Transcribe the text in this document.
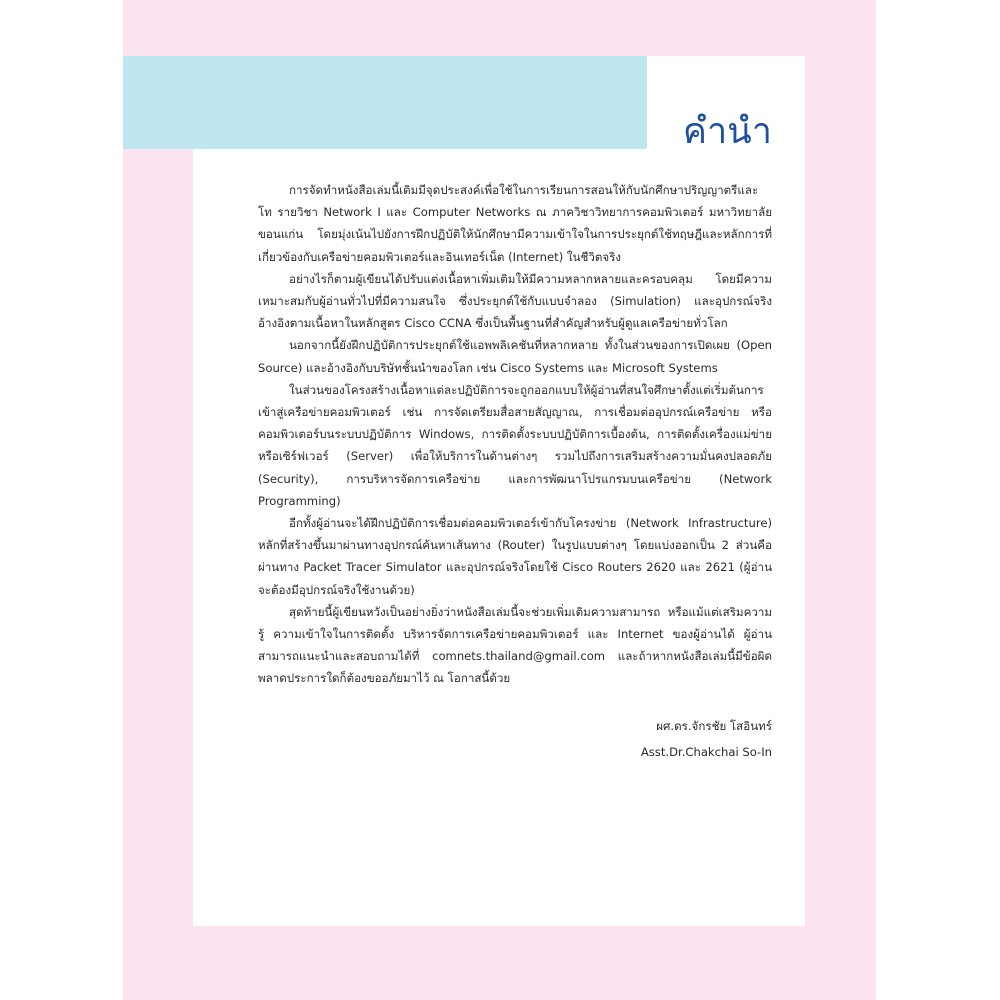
คำนำ

การจัดทำหนังสือเล่มนี้เดิมมีจุดประสงค์เพื่อใช้ในการเรียนการสอนให้กับนักศึกษาปริญญาตรีและโท รายวิชา Network I และ Computer Networks ณ ภาควิชาวิทยาการคอมพิวเตอร์ มหาวิทยาลัยขอนแก่น โดยมุ่งเน้นไปยังการฝึกปฏิบัติให้นักศึกษามีความเข้าใจในการประยุกต์ใช้ทฤษฎีและหลักการที่เกี่ยวข้องกับเครือข่ายคอมพิวเตอร์และอินเทอร์เน็ต (Internet) ในชีวิตจริง

อย่างไรก็ตามผู้เขียนได้ปรับแต่งเนื้อหาเพิ่มเติมให้มีความหลากหลายและครอบคลุม โดยมีความเหมาะสมกับผู้อ่านทั่วไปที่มีความสนใจ ซึ่งประยุกต์ใช้กับแบบจำลอง (Simulation) และอุปกรณ์จริง อ้างอิงตามเนื้อหาในหลักสูตร Cisco CCNA ซึ่งเป็นพื้นฐานที่สำคัญสำหรับผู้ดูแลเครือข่ายทั่วโลก

นอกจากนี้ยังฝึกปฏิบัติการประยุกต์ใช้แอพพลิเคชันที่หลากหลาย ทั้งในส่วนของการเปิดเผย (Open Source) และอ้างอิงกับบริษัทชั้นนำของโลก เช่น Cisco Systems และ Microsoft Systems

ในส่วนของโครงสร้างเนื้อหาแต่ละปฏิบัติการจะถูกออกแบบให้ผู้อ่านที่สนใจศึกษาตั้งแต่เริ่มต้นการเข้าสู่เครือข่ายคอมพิวเตอร์ เช่น การจัดเตรียมสื่อสายสัญญาณ, การเชื่อมต่ออุปกรณ์เครือข่าย หรือคอมพิวเตอร์บนระบบปฏิบัติการ Windows, การติดตั้งระบบปฏิบัติการเบื้องต้น, การติดตั้งเครื่องแม่ข่ายหรือเซิร์ฟเวอร์ (Server) เพื่อให้บริการในด้านต่างๆ รวมไปถึงการเสริมสร้างความมั่นคงปลอดภัย (Security), การบริหารจัดการเครือข่าย และการพัฒนาโปรแกรมบนเครือข่าย (Network Programming)

อีกทั้งผู้อ่านจะได้ฝึกปฏิบัติการเชื่อมต่อคอมพิวเตอร์เข้ากับโครงข่าย (Network Infrastructure) หลักที่สร้างขึ้นมาผ่านทางอุปกรณ์ค้นหาเส้นทาง (Router) ในรูปแบบต่างๆ โดยแบ่งออกเป็น 2 ส่วนคือ ผ่านทาง Packet Tracer Simulator และอุปกรณ์จริงโดยใช้ Cisco Routers 2620 และ 2621 (ผู้อ่านจะต้องมีอุปกรณ์จริงใช้งานด้วย)

สุดท้ายนี้ผู้เขียนหวังเป็นอย่างยิ่งว่าหนังสือเล่มนี้จะช่วยเพิ่มเติมความสามารถ หรือแม้แต่เสริมความรู้ ความเข้าใจในการติดตั้ง บริหารจัดการเครือข่ายคอมพิวเตอร์ และ Internet ของผู้อ่านได้ ผู้อ่านสามารถแนะนำและสอบถามได้ที่ comnets.thailand@gmail.com และถ้าหากหนังสือเล่มนี้มีข้อผิดพลาดประการใดก็ต้องขออภัยมาไว้ ณ โอกาสนี้ด้วย

ผศ.ดร.จักรชัย โสอินทร์
Asst.Dr.Chakchai So-In
